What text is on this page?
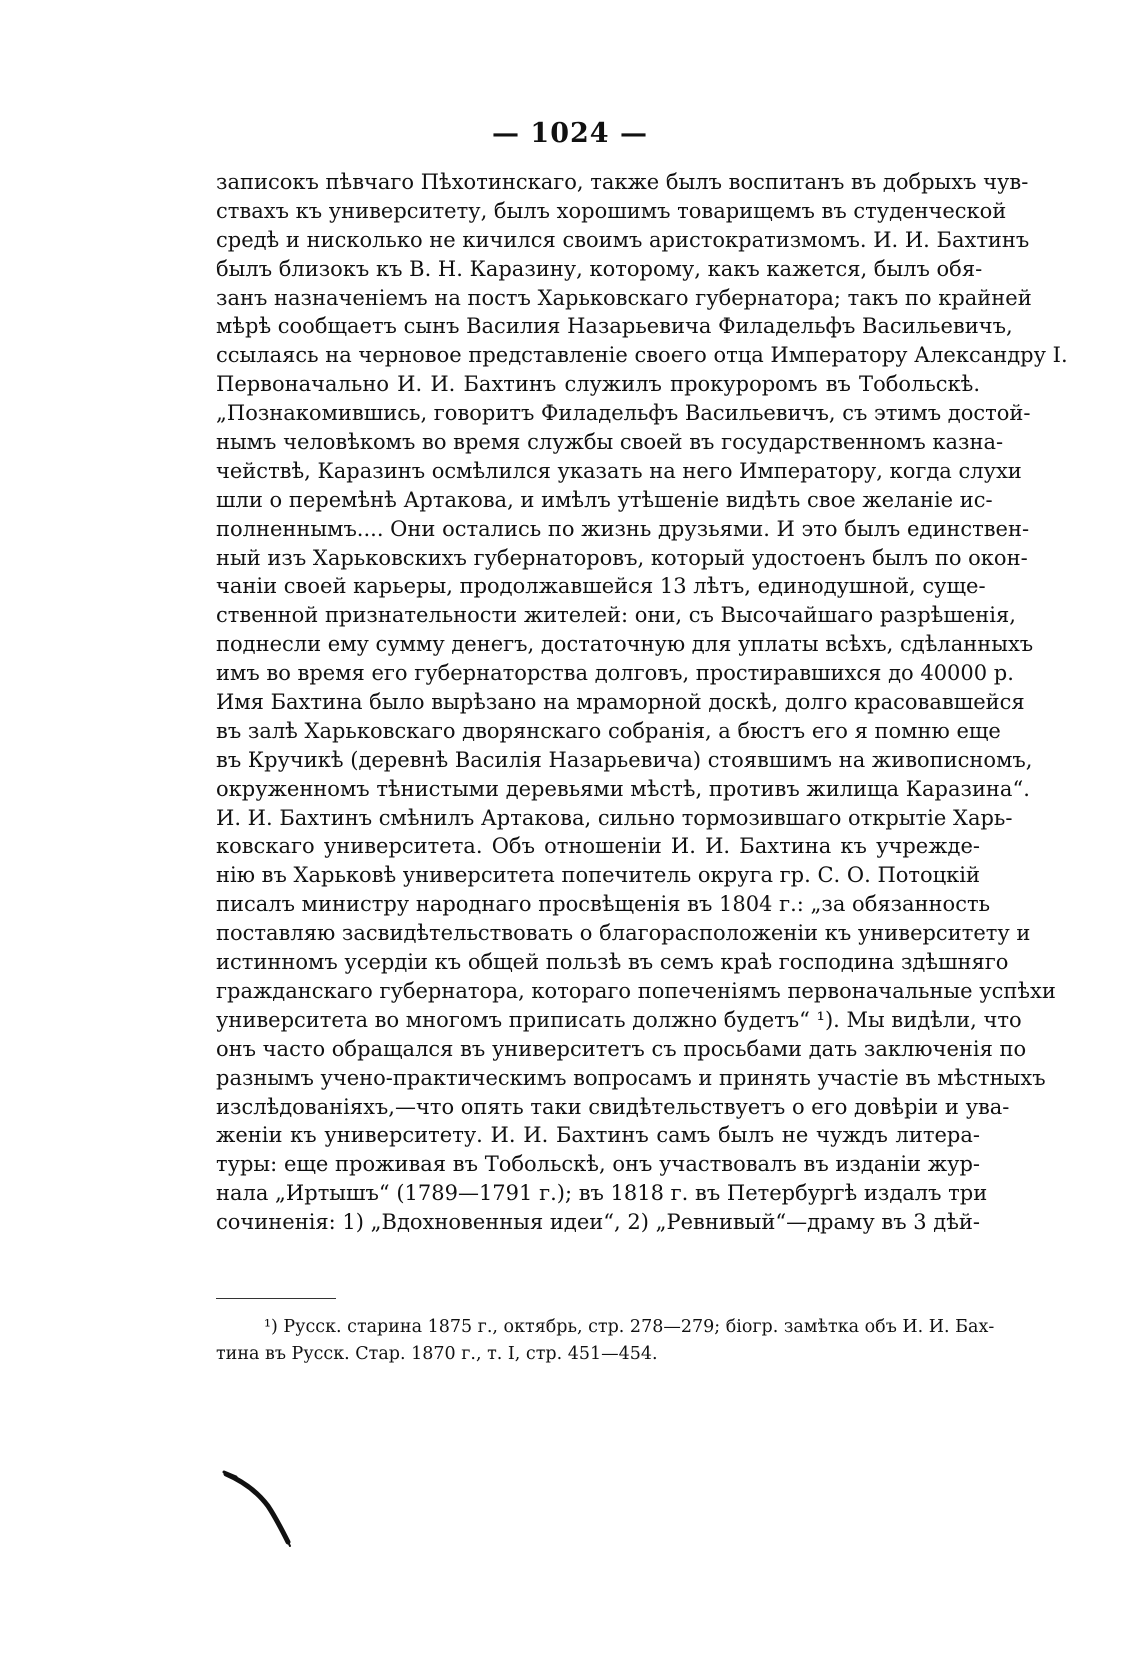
— 1024 —
записокъ пѣвчаго Пѣхотинскаго, также былъ воспитанъ въ добрыхъ чув-
ствахъ къ университету, былъ хорошимъ товарищемъ въ студенческой
средѣ и нисколько не кичился своимъ аристократизмомъ. И. И. Бахтинъ
былъ близокъ къ В. Н. Каразину, которому, какъ кажется, былъ обя-
занъ назначенiемъ на постъ Харьковскаго губернатора; такъ по крайней
мѣрѣ сообщаетъ сынъ Василия Назарьевича Филадельфъ Васильевичъ,
ссылаясь на черновое представленiе своего отца Императору Александру I.
Первоначально И. И. Бахтинъ служилъ прокуроромъ въ Тобольскѣ.
„Познакомившись, говоритъ Филадельфъ Васильевичъ, съ этимъ достой-
нымъ человѣкомъ во время службы своей въ государственномъ казна-
чействѣ, Каразинъ осмѣлился указать на него Императору, когда слухи
шли о перемѣнѣ Артакова, и имѣлъ утѣшенiе видѣть свое желанiе ис-
полненнымъ.... Они остались по жизнь друзьями. И это былъ единствен-
ный изъ Харьковскихъ губернаторовъ, который удостоенъ былъ по окон-
чанiи своей карьеры, продолжавшейся 13 лѣтъ, единодушной, суще-
ственной признательности жителей: они, съ Высочайшаго разрѣшенiя,
поднесли ему сумму денегъ, достаточную для уплаты всѣхъ, сдѣланныхъ
имъ во время его губернаторства долговъ, простиравшихся до 40000 р.
Имя Бахтина было вырѣзано на мраморной доскѣ, долго красовавшейся
въ залѣ Харьковскаго дворянскаго собранiя, а бюстъ его я помню еще
въ Кручикѣ (деревнѣ Василiя Назарьевича) стоявшимъ на живописномъ,
окруженномъ тѣнистыми деревьями мѣстѣ, противъ жилища Каразина“.
И. И. Бахтинъ смѣнилъ Артакова, сильно тормозившаго открытiе Харь-
ковскаго университета. Объ отношенiи И. И. Бахтина къ учрежде-
нiю въ Харьковѣ университета попечитель округа гр. С. О. Потоцкiй
писалъ министру народнаго просвѣщенiя въ 1804 г.: „за обязанность
поставляю засвидѣтельствовать о благорасположенiи къ университету и
истинномъ усердiи къ общей пользѣ въ семъ краѣ господина здѣшняго
гражданскаго губернатора, котораго попеченiямъ первоначальные успѣхи
университета во многомъ приписать должно будетъ“ ¹). Мы видѣли, что
онъ часто обращался въ университетъ съ просьбами дать заключенiя по
разнымъ учено-практическимъ вопросамъ и принять участiе въ мѣстныхъ
изслѣдованiяхъ,—что опять таки свидѣтельствуетъ о его довѣрiи и ува-
женiи къ университету. И. И. Бахтинъ самъ былъ не чуждъ литера-
туры: еще проживая въ Тобольскѣ, онъ участвовалъ въ изданiи жур-
нала „Иртышъ“ (1789—1791 г.); въ 1818 г. въ Петербургѣ издалъ три
сочиненiя: 1) „Вдохновенныя идеи“, 2) „Ревнивый“—драму въ 3 дѣй-
¹) Русск. старина 1875 г., октябрь, стр. 278—279; бiогр. замѣтка объ И. И. Бах-
тина въ Русск. Стар. 1870 г., т. I, стр. 451—454.
